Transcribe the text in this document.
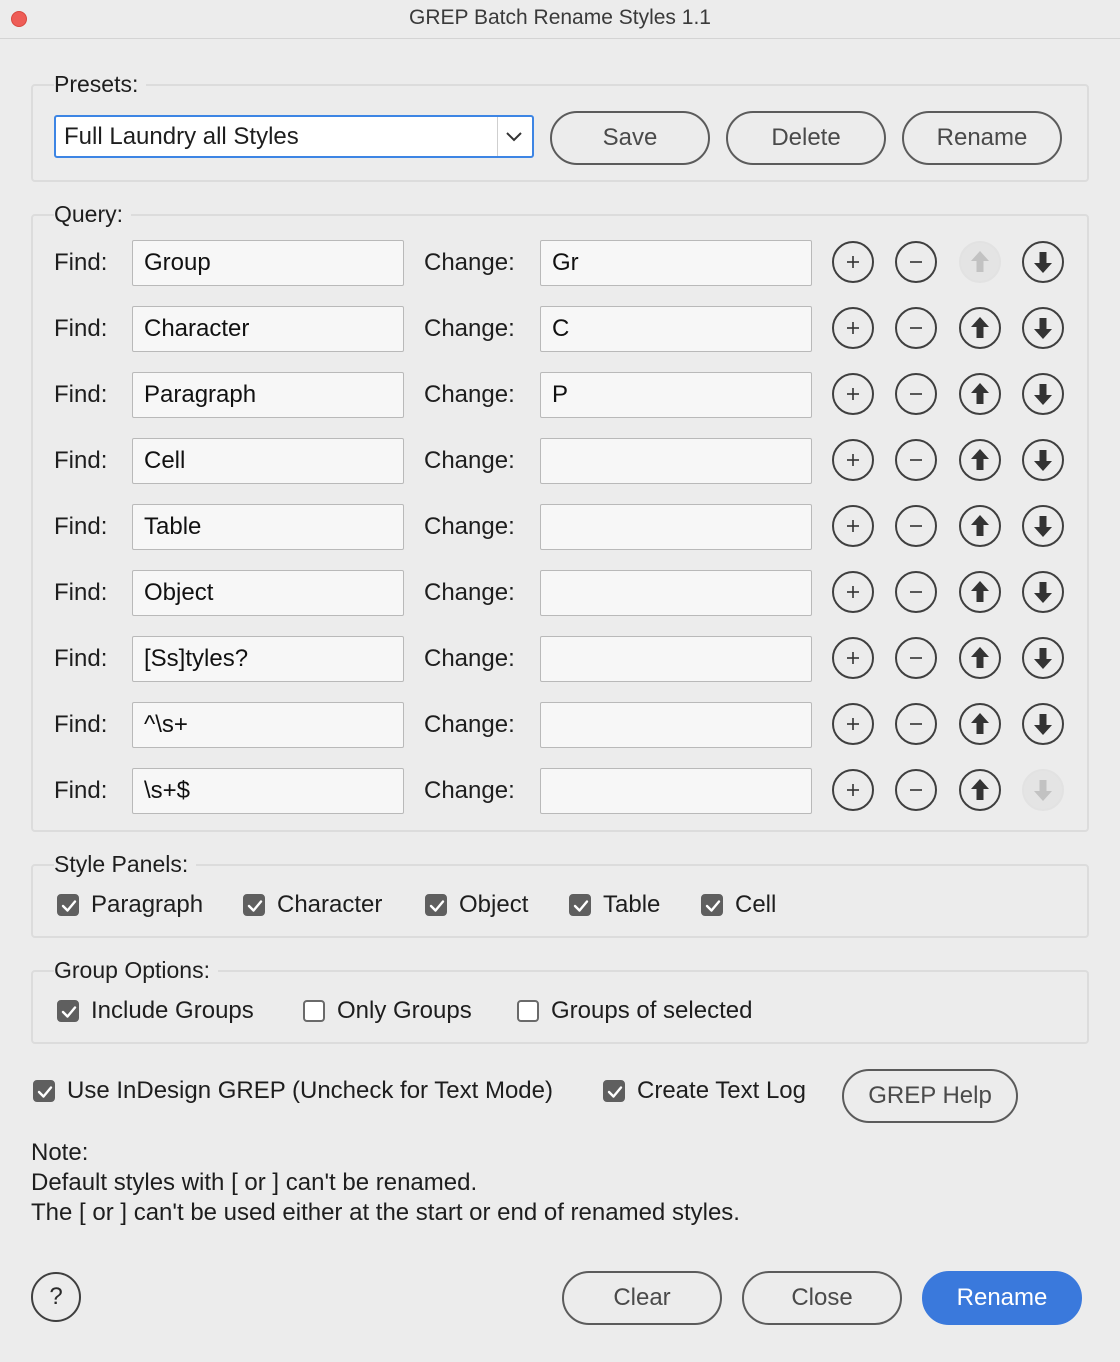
GREP Batch Rename Styles 1.1
Presets:
Full Laundry all Styles	Save	Delete	Rename
Query:
Find:	Group	Change:	Gr
Find:	Character	Change:	C
Find:	Paragraph	Change:	P
Find:	Cell	Change:
Find:	Table	Change:
Find:	Object	Change:
Find:	[Ss]tyles?	Change:
Find:	^\s+	Change:
Find:	\s+$	Change:
Style Panels:
Paragraph	Character	Object	Table	Cell
Group Options:
Include Groups	Only Groups	Groups of selected
Use InDesign GREP (Uncheck for Text Mode)	Create Text Log	GREP Help
Note:
Default styles with [ or ] can't be renamed.
The [ or ] can't be used either at the start or end of renamed styles.
?	Clear	Close	Rename
